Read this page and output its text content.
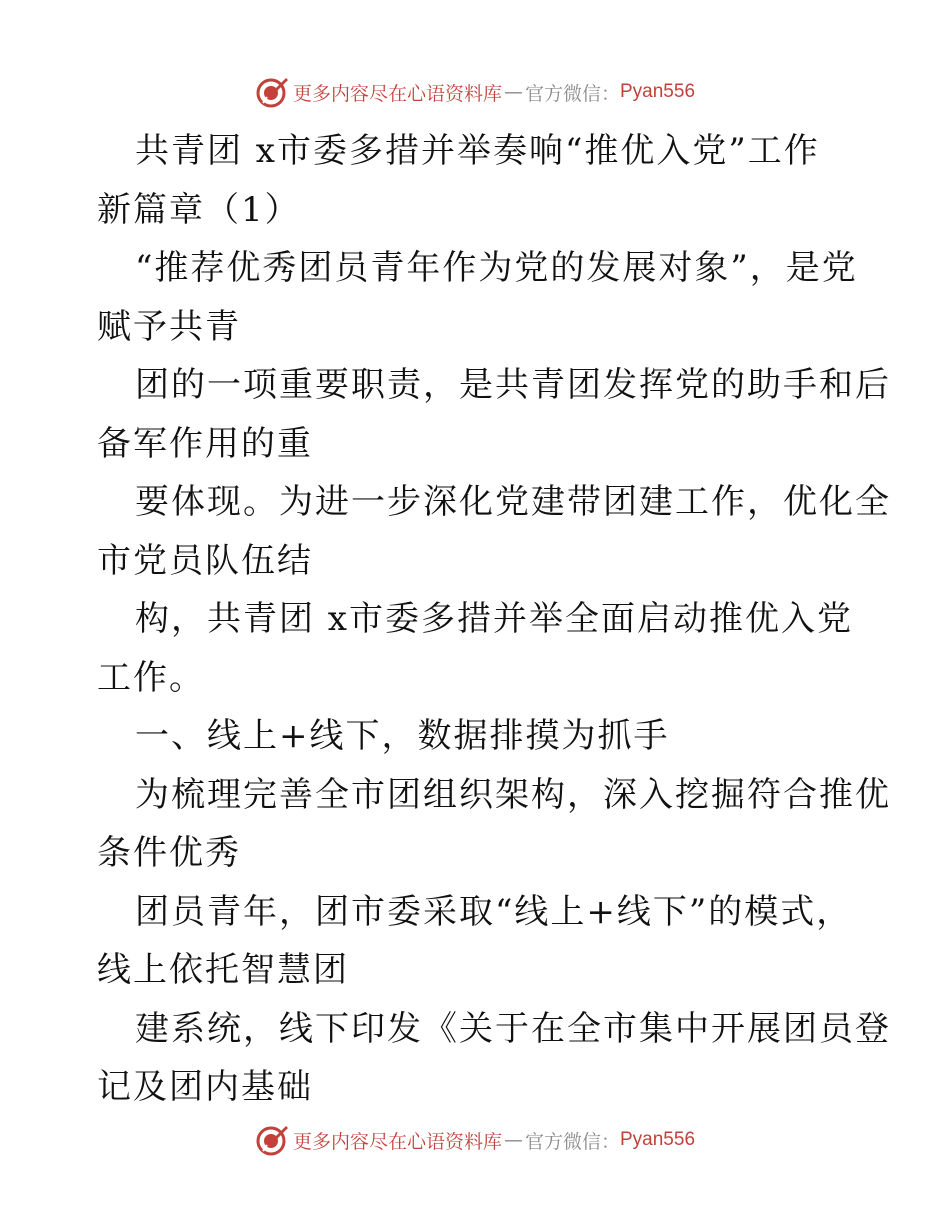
更多内容尽在心语资料库 — 官方微信： Pyan556
共青团 x市委多措并举奏响“推优入党”工作
新篇章（1）
“推荐优秀团员青年作为党的发展对象”，是党
赋予共青
团的一项重要职责，是共青团发挥党的助手和后
备军作用的重
要体现。为进一步深化党建带团建工作，优化全
市党员队伍结
构，共青团 x市委多措并举全面启动推优入党
工作。
一、线上+线下，数据排摸为抓手
为梳理完善全市团组织架构，深入挖掘符合推优
条件优秀
团员青年，团市委采取“线上+线下”的模式，
线上依托智慧团
建系统，线下印发《关于在全市集中开展团员登
记及团内基础
更多内容尽在心语资料库 — 官方微信： Pyan556
